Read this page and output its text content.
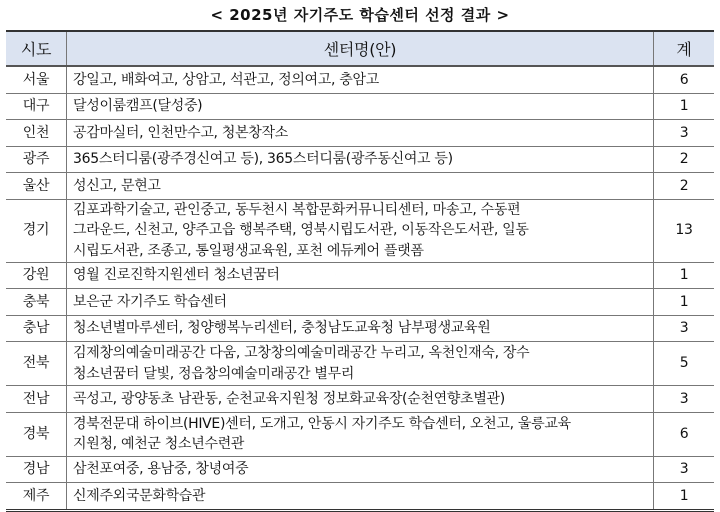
< 2025년 자기주도 학습센터 선정 결과 >
시도	센터명(안)	계
서울	강일고, 배화여고, 상암고, 석관고, 정의여고, 충암고	6
대구	달성이룸캠프(달성중)	1
인천	공감마실터, 인천만수고, 청본창작소	3
광주	365스터디룸(광주경신여고 등), 365스터디룸(광주동신여고 등)	2
울산	성신고, 문현고	2
경기	김포과학기술고, 관인중고, 동두천시 복합문화커뮤니티센터, 마송고, 수동편
그라운드, 신천고, 양주고읍 행복주택, 영북시립도서관, 이동작은도서관, 일동
시립도서관, 조종고, 통일평생교육원, 포천 에듀케어 플랫폼	13
강원	영월 진로진학지원센터 청소년꿈터	1
충북	보은군 자기주도 학습센터	1
충남	청소년별마루센터, 청양행복누리센터, 충청남도교육청 남부평생교육원	3
전북	김제창의예술미래공간 다움, 고창창의예술미래공간 누리고, 옥천인재숙, 장수
청소년꿈터 달빛, 정읍창의예술미래공간 별무리	5
전남	곡성고, 광양동초 남관동, 순천교육지원청 정보화교육장(순천연향초별관)	3
경북	경북전문대 하이브(HIVE)센터, 도개고, 안동시 자기주도 학습센터, 오천고, 울릉교육
지원청, 예천군 청소년수련관	6
경남	삼천포여중, 용남중, 창녕여중	3
제주	신제주외국문화학습관	1
